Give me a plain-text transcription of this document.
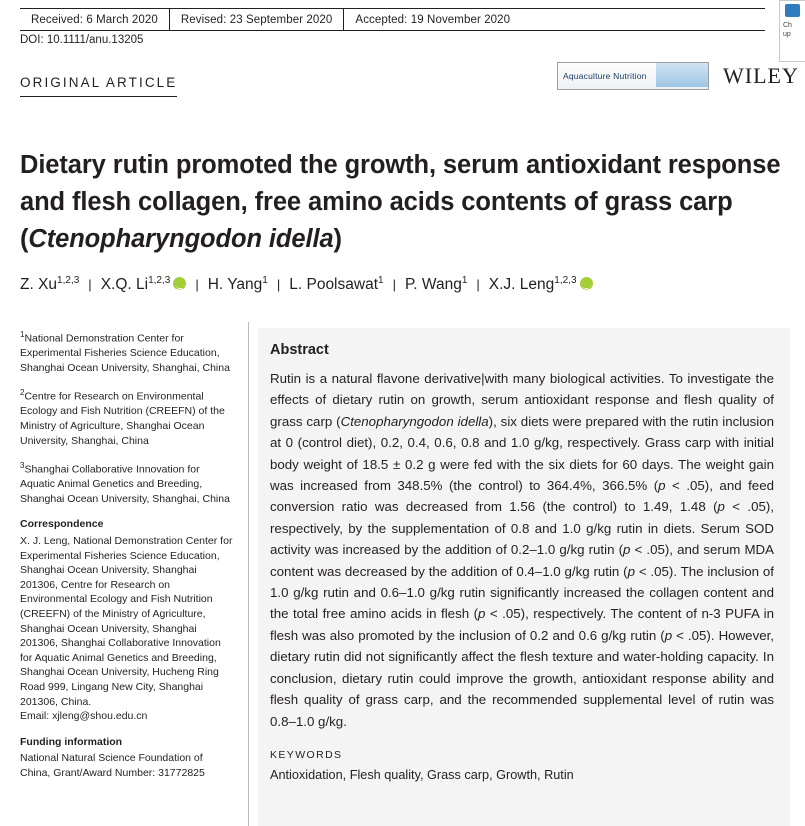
Received: 6 March 2020	Revised: 23 September 2020	Accepted: 19 November 2020
DOI: 10.1111/anu.13205
ORIGINAL ARTICLE	Aquaculture Nutrition	WILEY
Ch
up
Dietary rutin promoted the growth, serum antioxidant response and flesh collagen, free amino acids contents of grass carp (Ctenopharyngodon idella)
Z. Xu$^{1,2,3}$ | X.Q. Li$^{1,2,3}$ iD | H. Yang$^1$ | L. Poolsawat$^1$ | P. Wang$^1$ | X.J. Leng$^{1,2,3}$iD

$^1$National Demonstration Center for Experimental Fisheries Science Education, Shanghai Ocean University, Shanghai, China

$^2$Centre for Research on Environmental Ecology and Fish Nutrition (CREEFN) of the Ministry of Agriculture, Shanghai Ocean University, Shanghai, China

$^3$Shanghai Collaborative Innovation for Aquatic Animal Genetics and Breeding, Shanghai Ocean University, Shanghai, China

Correspondence
X. J. Leng, National Demonstration Center for Experimental Fisheries Science Education, Shanghai Ocean University, Shanghai 201306, Centre for Research on Environmental Ecology and Fish Nutrition (CREEFN) of the Ministry of Agriculture, Shanghai Ocean University, Shanghai 201306, Shanghai Collaborative Innovation for Aquatic Animal Genetics and Breeding, Shanghai Ocean University, Hucheng Ring Road 999, Lingang New City, Shanghai 201306, China.
Email: xjleng@shou.edu.cn
Funding information
National Natural Science Foundation of China, Grant/Award Number: 31772825
Abstract

Rutin is a natural flavone derivative|with many biological activities. To investigate the effects of dietary rutin on growth, serum antioxidant response and flesh quality of grass carp (Ctenopharyngodon idella), six diets were prepared with the rutin inclusion at 0 (control diet), 0.2, 0.4, 0.6, 0.8 and 1.0 g/kg, respectively. Grass carp with initial body weight of 18.5 ± 0.2 g were fed with the six diets for 60 days. The weight gain was increased from 348.5% (the control) to 364.4%, 366.5% (p < .05), and feed conversion ratio was decreased from 1.56 (the control) to 1.49, 1.48 (p < .05), respectively, by the supplementation of 0.8 and 1.0 g/kg rutin in diets. Serum SOD activity was increased by the addition of 0.2–1.0 g/kg rutin (p < .05), and serum MDA content was decreased by the addition of 0.4–1.0 g/kg rutin (p < .05). The inclusion of 1.0 g/kg rutin and 0.6–1.0 g/kg rutin significantly increased the collagen content and the total free amino acids in flesh (p < .05), respectively. The content of n-3 PUFA in flesh was also promoted by the inclusion of 0.2 and 0.6 g/kg rutin (p < .05). However, dietary rutin did not significantly affect the flesh texture and water-holding capacity. In conclusion, dietary rutin could improve the growth, antioxidant response ability and flesh quality of grass carp, and the recommended supplemental level of rutin was 0.8–1.0 g/kg.

KEYWORDS
Antioxidation, Flesh quality, Grass carp, Growth, Rutin
